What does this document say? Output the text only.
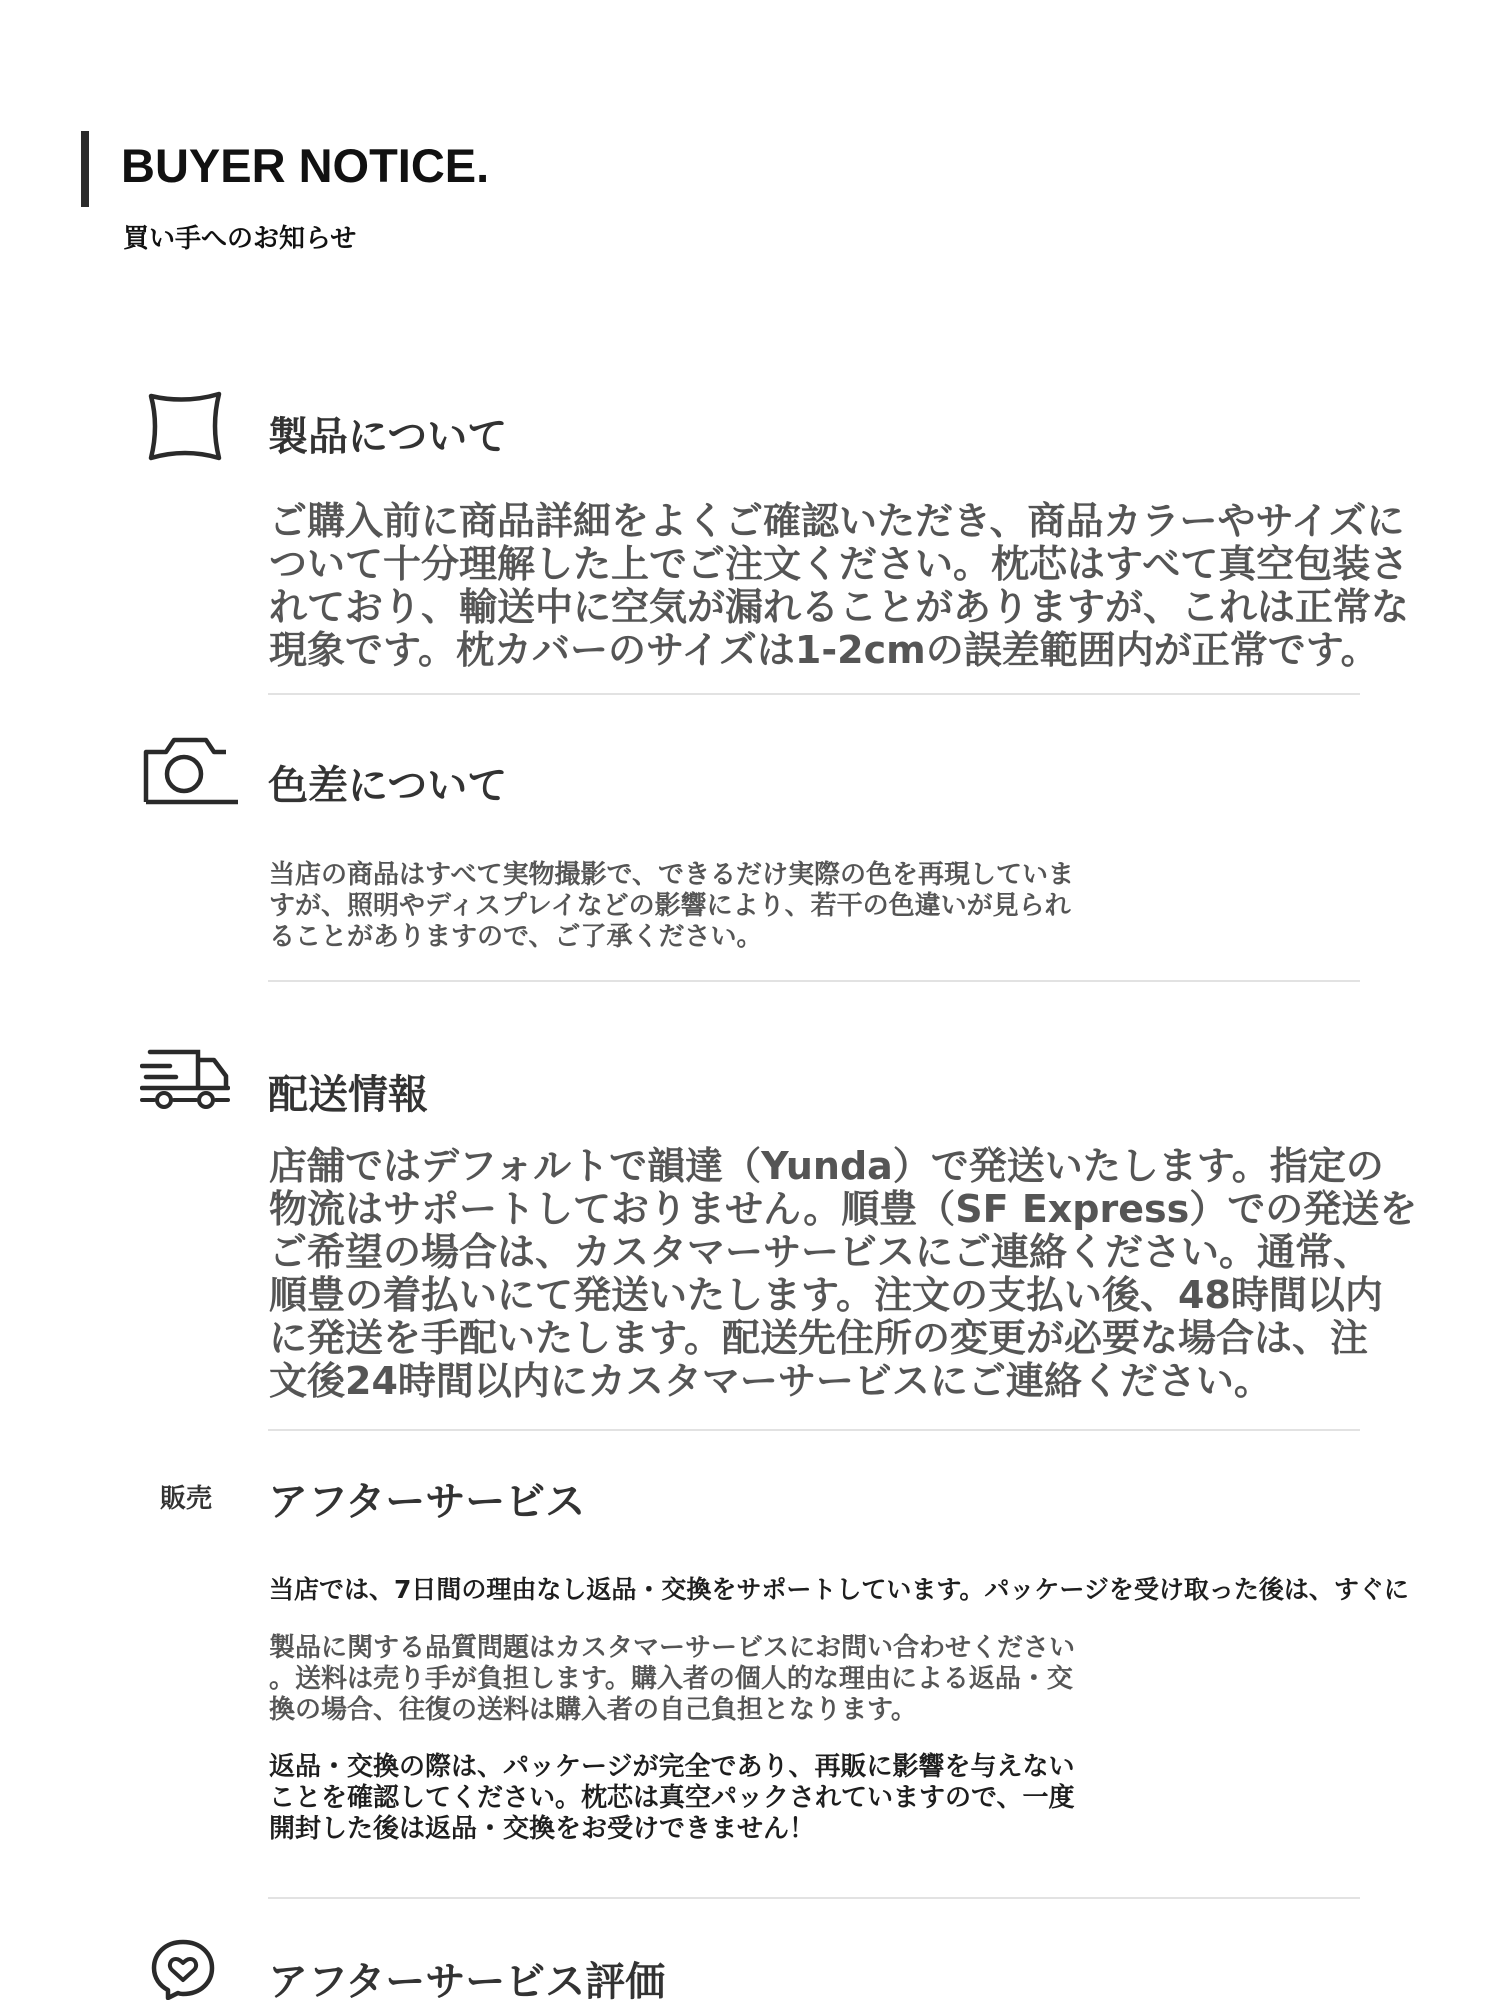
BUYER NOTICE.
買い手へのお知らせ
製品について
ご購入前に商品詳細をよくご確認いただき、商品カラーやサイズに
ついて十分理解した上でご注文ください。枕芯はすべて真空包装さ
れており、輸送中に空気が漏れることがありますが、これは正常な
現象です。枕カバーのサイズは1-2cmの誤差範囲内が正常です。
色差について
当店の商品はすべて実物撮影で、できるだけ実際の色を再現していま
すが、照明やディスプレイなどの影響により、若干の色違いが見られ
ることがありますので、ご了承ください。
配送情報
店舗ではデフォルトで韻達（Yunda）で発送いたします。指定の
物流はサポートしておりません。順豊（SF Express）での発送を
ご希望の場合は、カスタマーサービスにご連絡ください。通常、
順豊の着払いにて発送いたします。注文の支払い後、48時間以内
に発送を手配いたします。配送先住所の変更が必要な場合は、注
文後24時間以内にカスタマーサービスにご連絡ください。
販売 アフターサービス
当店では、7日間の理由なし返品・交換をサポートしています。パッケージを受け取った後は、すぐに
製品に関する品質問題はカスタマーサービスにお問い合わせください
。送料は売り手が負担します。購入者の個人的な理由による返品・交
換の場合、往復の送料は購入者の自己負担となります。
返品・交換の際は、パッケージが完全であり、再販に影響を与えない
ことを確認してください。枕芯は真空パックされていますので、一度
開封した後は返品・交換をお受けできません！
アフターサービス評価
